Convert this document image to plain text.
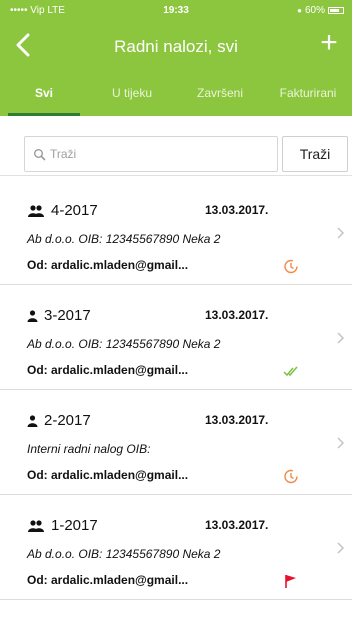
••••• Vip LTE	19:33	● 60%
Radni nalozi, svi	+
Svi	U tijeku	Završeni	Fakturirani
Traži
Traži
4-2017	13.03.2017.
Ab d.o.o. OIB: 12345567890 Neka 2
Od: ardalic.mladen@gmail...
3-2017	13.03.2017.
Ab d.o.o. OIB: 12345567890 Neka 2
Od: ardalic.mladen@gmail...
2-2017	13.03.2017.
Interni radni nalog OIB:
Od: ardalic.mladen@gmail...
1-2017	13.03.2017.
Ab d.o.o. OIB: 12345567890 Neka 2
Od: ardalic.mladen@gmail...
